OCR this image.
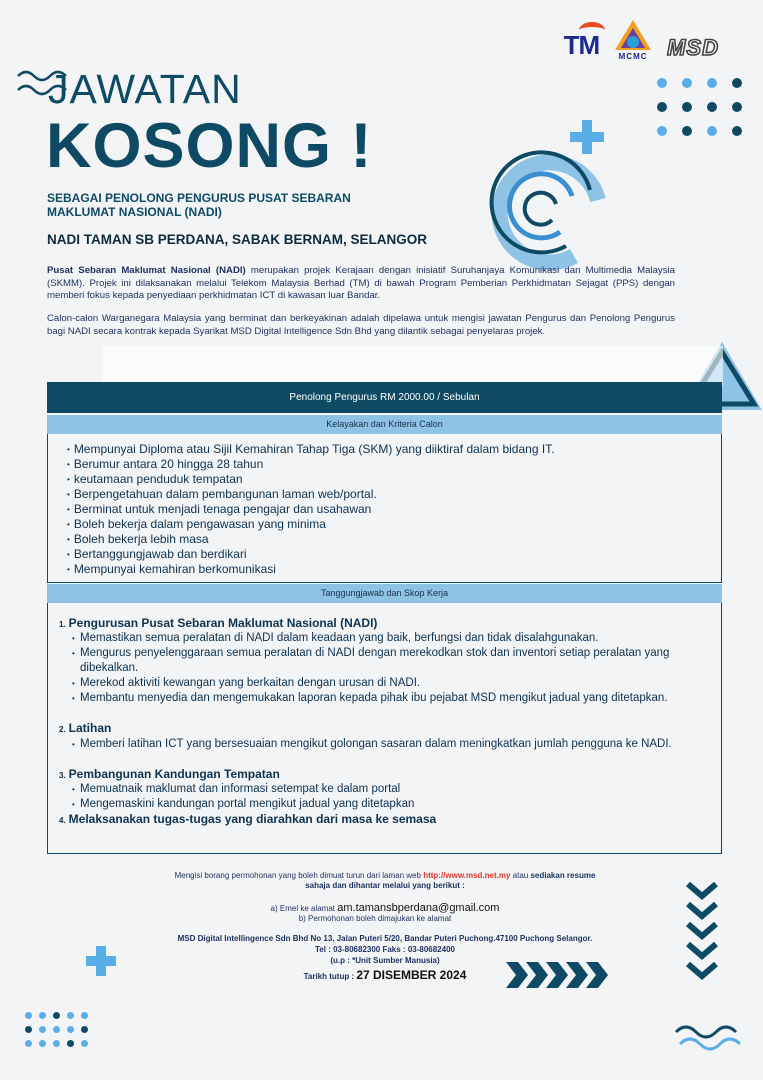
TM MCMC MSD
JAWATAN
KOSONG !
SEBAGAI PENOLONG PENGURUS PUSAT SEBARAN MAKLUMAT NASIONAL (NADI)
NADI TAMAN SB PERDANA, SABAK BERNAM, SELANGOR
Pusat Sebaran Maklumat Nasional (NADI) merupakan projek Kerajaan dengan inisiatif Suruhanjaya Komunikasi dan Multimedia Malaysia (SKMM). Projek ini dilaksanakan melalui Telekom Malaysia Berhad (TM) di bawah Program Pemberian Perkhidmatan Sejagat (PPS) dengan memberi fokus kepada penyediaan perkhidmatan ICT di kawasan luar Bandar.
Calon-calon Warganegara Malaysia yang berminat dan berkeyakinan adalah dipelawa untuk mengisi jawatan Pengurus dan Penolong Pengurus bagi NADI secara kontrak kepada Syarikat MSD Digital Intelligence Sdn Bhd yang dilantik sebagai penyelaras projek.
Penolong Pengurus RM 2000.00 / Sebulan
Kelayakan dan Kriteria Calon
• Mempunyai Diploma atau Sijil Kemahiran Tahap Tiga (SKM) yang diiktiraf dalam bidang IT.
• Berumur antara 20 hingga 28 tahun
• keutamaan penduduk tempatan
• Berpengetahuan dalam pembangunan laman web/portal.
• Berminat untuk menjadi tenaga pengajar dan usahawan
• Boleh bekerja dalam pengawasan yang minima
• Boleh bekerja lebih masa
• Bertanggungjawab dan berdikari
• Mempunyai kemahiran berkomunikasi
Tanggungjawab dan Skop Kerja
1. Pengurusan Pusat Sebaran Maklumat Nasional (NADI)
• Memastikan semua peralatan di NADI dalam keadaan yang baik, berfungsi dan tidak disalahgunakan.
• Mengurus penyelenggaraan semua peralatan di NADI dengan merekodkan stok dan inventori setiap peralatan yang dibekalkan.
• Merekod aktiviti kewangan yang berkaitan dengan urusan di NADI.
• Membantu menyedia dan mengemukakan laporan kepada pihak ibu pejabat MSD mengikut jadual yang ditetapkan.
2. Latihan
• Memberi latihan ICT yang bersesuaian mengikut golongan sasaran dalam meningkatkan jumlah pengguna ke NADI.
3. Pembangunan Kandungan Tempatan
• Memuatnaik maklumat dan informasi setempat ke dalam portal
• Mengemaskini kandungan portal mengikut jadual yang ditetapkan
4. Melaksanakan tugas-tugas yang diarahkan dari masa ke semasa
Mengisi borang permohonan yang boleh dimuat turun dari laman web http://www.msd.net.my atau sediakan resume
sahaja dan dihantar melalui yang berikut :
a) Emel ke alamat am.tamansbperdana@gmail.com
b) Permohonan boleh dimajukan ke alamat
MSD Digital Intellingence Sdn Bhd No 13, Jalan Puteri 5/20, Bandar Puteri Puchong.47100 Puchong Selangor.
Tel : 03-80682300 Faks : 03-80682400
(u.p : *Unit Sumber Manusia)
Tarikh tutup : 27 DISEMBER 2024
